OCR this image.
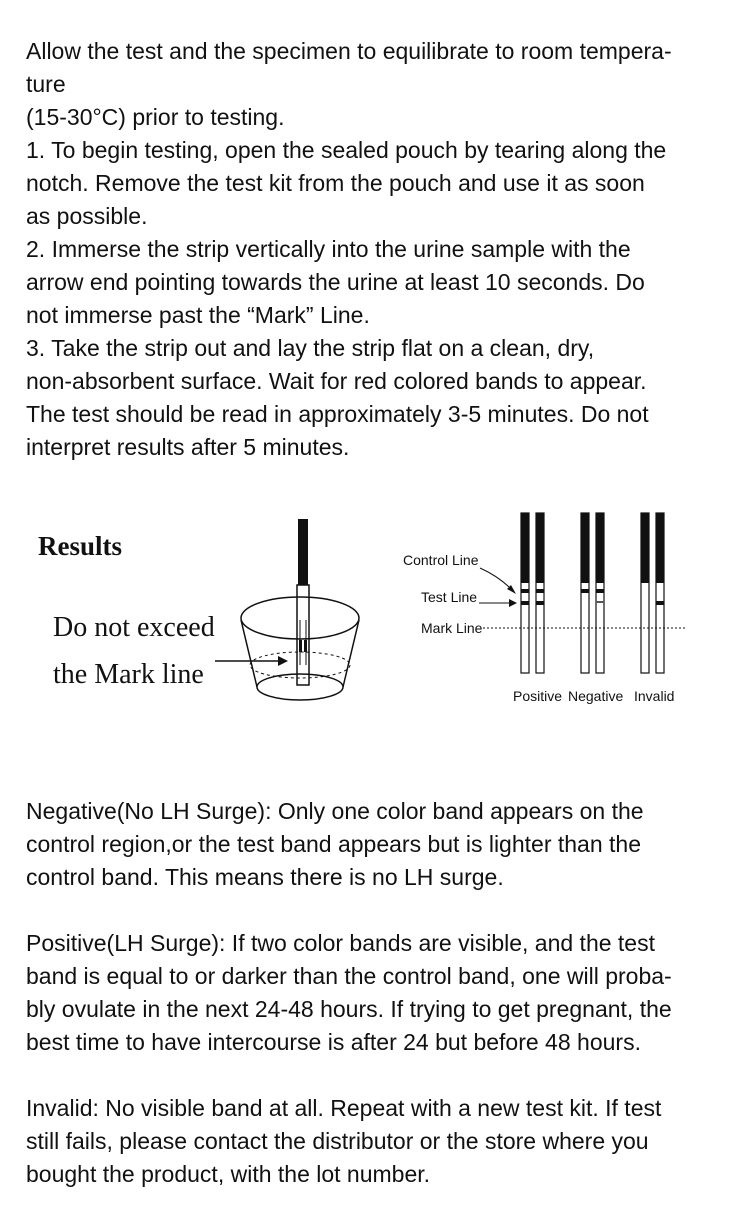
Allow the test and the specimen to equilibrate to room tempera-
ture
(15-30°C) prior to testing.
1. To begin testing, open the sealed pouch by tearing along the
notch. Remove the test kit from the pouch and use it as soon
as possible.
2. Immerse the strip vertically into the urine sample with the
arrow end pointing towards the urine at least 10 seconds. Do
not immerse past the “Mark” Line.
3. Take the strip out and lay the strip flat on a clean, dry,
non-absorbent surface. Wait for red colored bands to appear.
The test should be read in approximately 3-5 minutes. Do not
interpret results after 5 minutes.
Results
Do not exceed
the Mark line
Control Line
Test Line
Mark Line
Positive Negative Invalid
Negative(No LH Surge): Only one color band appears on the
control region,or the test band appears but is lighter than the
control band. This means there is no LH surge.
Positive(LH Surge): If two color bands are visible, and the test
band is equal to or darker than the control band, one will proba-
bly ovulate in the next 24-48 hours. If trying to get pregnant, the
best time to have intercourse is after 24 but before 48 hours.
Invalid: No visible band at all. Repeat with a new test kit. If test
still fails, please contact the distributor or the store where you
bought the product, with the lot number.
